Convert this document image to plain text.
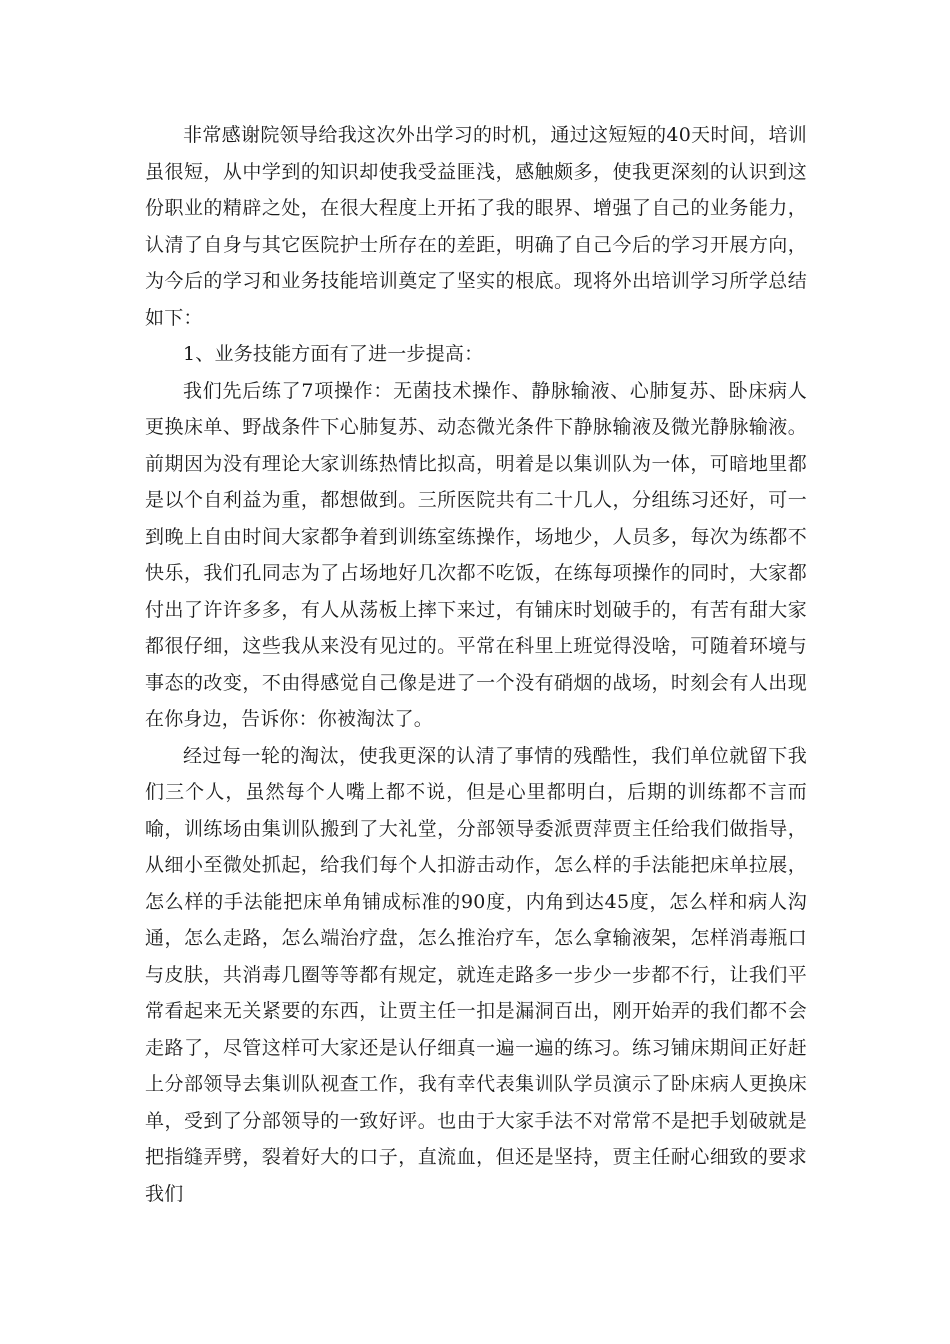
非常感谢院领导给我这次外出学习的时机，通过这短短的40天时间，培训虽很短，从中学到的知识却使我受益匪浅，感触颇多，使我更深刻的认识到这份职业的精辟之处，在很大程度上开拓了我的眼界、增强了自己的业务能力，认清了自身与其它医院护士所存在的差距，明确了自己今后的学习开展方向，为今后的学习和业务技能培训奠定了坚实的根底。现将外出培训学习所学总结如下：

1、业务技能方面有了进一步提高：

我们先后练了7项操作：无菌技术操作、静脉输液、心肺复苏、卧床病人更换床单、野战条件下心肺复苏、动态微光条件下静脉输液及微光静脉输液。前期因为没有理论大家训练热情比拟高，明着是以集训队为一体，可暗地里都是以个自利益为重，都想做到。三所医院共有二十几人，分组练习还好，可一到晚上自由时间大家都争着到训练室练操作，场地少，人员多，每次为练都不快乐，我们孔同志为了占场地好几次都不吃饭，在练每项操作的同时，大家都付出了许许多多，有人从荡板上摔下来过，有铺床时划破手的，有苦有甜大家都很仔细，这些我从来没有见过的。平常在科里上班觉得没啥，可随着环境与事态的改变，不由得感觉自己像是进了一个没有硝烟的战场，时刻会有人出现在你身边，告诉你：你被淘汰了。

经过每一轮的淘汰，使我更深的认清了事情的残酷性，我们单位就留下我们三个人，虽然每个人嘴上都不说，但是心里都明白，后期的训练都不言而喻，训练场由集训队搬到了大礼堂，分部领导委派贾萍贾主任给我们做指导，从细小至微处抓起，给我们每个人扣游击动作，怎么样的手法能把床单拉展，怎么样的手法能把床单角铺成标准的90度，内角到达45度，怎么样和病人沟通，怎么走路，怎么端治疗盘，怎么推治疗车，怎么拿输液架，怎样消毒瓶口与皮肤，共消毒几圈等等都有规定，就连走路多一步少一步都不行，让我们平常看起来无关紧要的东西，让贾主任一扣是漏洞百出，刚开始弄的我们都不会走路了，尽管这样可大家还是认仔细真一遍一遍的练习。练习铺床期间正好赶上分部领导去集训队视查工作，我有幸代表集训队学员演示了卧床病人更换床单，受到了分部领导的一致好评。也由于大家手法不对常常不是把手划破就是把指缝弄劈，裂着好大的口子，直流血，但还是坚持，贾主任耐心细致的要求我们
